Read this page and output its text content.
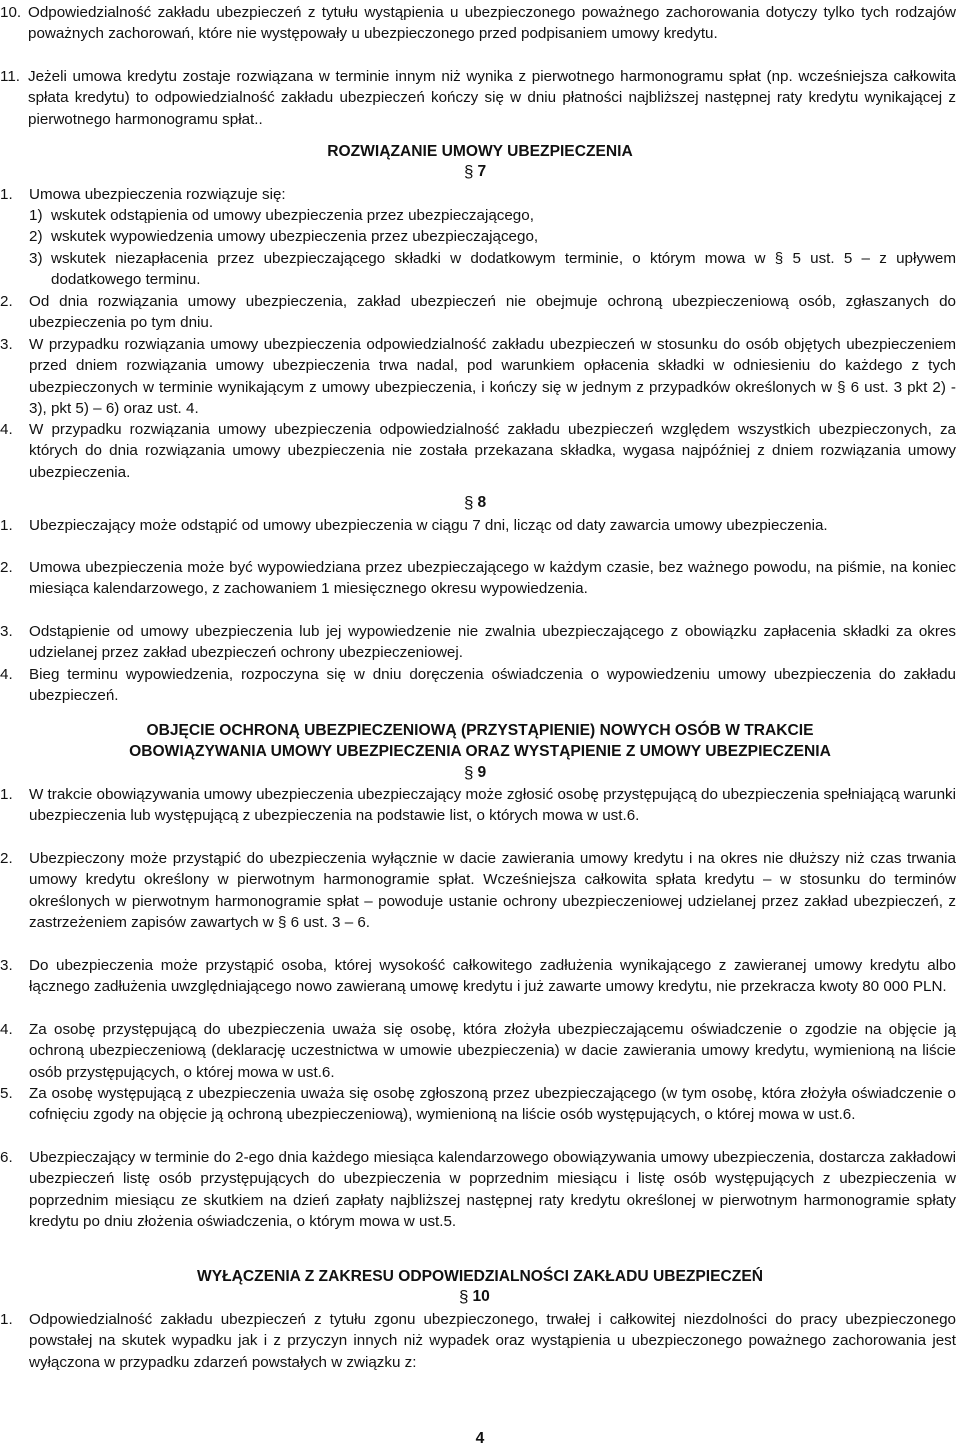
10. Odpowiedzialność zakładu ubezpieczeń z tytułu wystąpienia u ubezpieczonego poważnego zachorowania dotyczy tylko tych rodzajów poważnych zachorowań, które nie występowały u ubezpieczonego przed podpisaniem umowy kredytu.
11. Jeżeli umowa kredytu zostaje rozwiązana w terminie innym niż wynika z pierwotnego harmonogramu spłat (np. wcześniejsza całkowita spłata kredytu) to odpowiedzialność zakładu ubezpieczeń kończy się w dniu płatności najbliższej następnej raty kredytu wynikającej z pierwotnego harmonogramu spłat..

ROZWIĄZANIE UMOWY UBEZPIECZENIA

§ 7
1.	Umowa ubezpieczenia rozwiązuje się:
1) wskutek odstąpienia od umowy ubezpieczenia przez ubezpieczającego,
2) wskutek wypowiedzenia umowy ubezpieczenia przez ubezpieczającego,
3) wskutek niezapłacenia przez ubezpieczającego składki w dodatkowym terminie, o którym mowa w § 5 ust. 5 – z upływem dodatkowego terminu.
2.	Od dnia rozwiązania umowy ubezpieczenia, zakład ubezpieczeń nie obejmuje ochroną ubezpieczeniową osób, zgłaszanych do ubezpieczenia po tym dniu.
3.	W przypadku rozwiązania umowy ubezpieczenia odpowiedzialność zakładu ubezpieczeń w stosunku do osób objętych ubezpieczeniem przed dniem rozwiązania umowy ubezpieczenia trwa nadal, pod warunkiem opłacenia składki w odniesieniu do każdego z tych ubezpieczonych w terminie wynikającym z umowy ubezpieczenia, i kończy się w jednym z przypadków określonych w § 6 ust. 3 pkt 2) - 3), pkt 5) – 6) oraz ust. 4.
4.	W przypadku rozwiązania umowy ubezpieczenia odpowiedzialność zakładu ubezpieczeń względem wszystkich ubezpieczonych, za których do dnia rozwiązania umowy ubezpieczenia nie została przekazana składka, wygasa najpóźniej z dniem rozwiązania umowy ubezpieczenia.
§ 8
1.	Ubezpieczający może odstąpić od umowy ubezpieczenia w ciągu 7 dni, licząc od daty zawarcia umowy ubezpieczenia.
2.	Umowa ubezpieczenia może być wypowiedziana przez ubezpieczającego w każdym czasie, bez ważnego powodu, na piśmie, na koniec miesiąca kalendarzowego, z zachowaniem 1 miesięcznego okresu wypowiedzenia.
3.	Odstąpienie od umowy ubezpieczenia lub jej wypowiedzenie nie zwalnia ubezpieczającego z obowiązku zapłacenia składki za okres udzielanej przez zakład ubezpieczeń ochrony ubezpieczeniowej.
4.	Bieg terminu wypowiedzenia, rozpoczyna się w dniu doręczenia oświadczenia o wypowiedzeniu umowy ubezpieczenia do zakładu ubezpieczeń.

OBJĘCIE OCHRONĄ UBEZPIECZENIOWĄ (PRZYSTĄPIENIE) NOWYCH OSÓB W TRAKCIE

OBOWIĄZYWANIA UMOWY UBEZPIECZENIA ORAZ WYSTĄPIENIE Z UMOWY UBEZPIECZENIA

§ 9
1.	W trakcie obowiązywania umowy ubezpieczenia ubezpieczający może zgłosić osobę przystępującą do ubezpieczenia spełniającą warunki ubezpieczenia lub występującą z ubezpieczenia na podstawie list, o których mowa w ust.6.
2.	Ubezpieczony może przystąpić do ubezpieczenia wyłącznie w dacie zawierania umowy kredytu i na okres nie dłuższy niż czas trwania umowy kredytu określony w pierwotnym harmonogramie spłat. Wcześniejsza całkowita spłata kredytu – w stosunku do terminów określonych w pierwotnym harmonogramie spłat – powoduje ustanie ochrony ubezpieczeniowej udzielanej przez zakład ubezpieczeń, z zastrzeżeniem zapisów zawartych w § 6 ust. 3 – 6.
3.	Do ubezpieczenia może przystąpić osoba, której wysokość całkowitego zadłużenia wynikającego z zawieranej umowy kredytu albo łącznego zadłużenia uwzględniającego nowo zawieraną umowę kredytu i już zawarte umowy kredytu, nie przekracza kwoty 80 000 PLN.
4.	Za osobę przystępującą do ubezpieczenia uważa się osobę, która złożyła ubezpieczającemu oświadczenie o zgodzie na objęcie ją ochroną ubezpieczeniową (deklarację uczestnictwa w umowie ubezpieczenia) w dacie zawierania umowy kredytu, wymienioną na liście osób przystępujących, o której mowa w ust.6.
5.	Za osobę występującą z ubezpieczenia uważa się osobę zgłoszoną przez ubezpieczającego (w tym osobę, która złożyła oświadczenie o cofnięciu zgody na objęcie ją ochroną ubezpieczeniową), wymienioną na liście osób występujących, o której mowa w ust.6.
6.	Ubezpieczający w terminie do 2-ego dnia każdego miesiąca kalendarzowego obowiązywania umowy ubezpieczenia, dostarcza zakładowi ubezpieczeń listę osób przystępujących do ubezpieczenia w poprzednim miesiącu i listę osób występujących z ubezpieczenia w poprzednim miesiącu ze skutkiem na dzień zapłaty najbliższej następnej raty kredytu określonej w pierwotnym harmonogramie spłaty kredytu po dniu złożenia oświadczenia, o którym mowa w ust.5.

WYŁĄCZENIA Z ZAKRESU ODPOWIEDZIALNOŚCI ZAKŁADU UBEZPIECZEŃ

§ 10
1.	Odpowiedzialność zakładu ubezpieczeń z tytułu zgonu ubezpieczonego, trwałej i całkowitej niezdolności do pracy ubezpieczonego powstałej na skutek wypadku jak i z przyczyn innych niż wypadek oraz wystąpienia u ubezpieczonego poważnego zachorowania jest wyłączona w przypadku zdarzeń powstałych w związku z:
4
